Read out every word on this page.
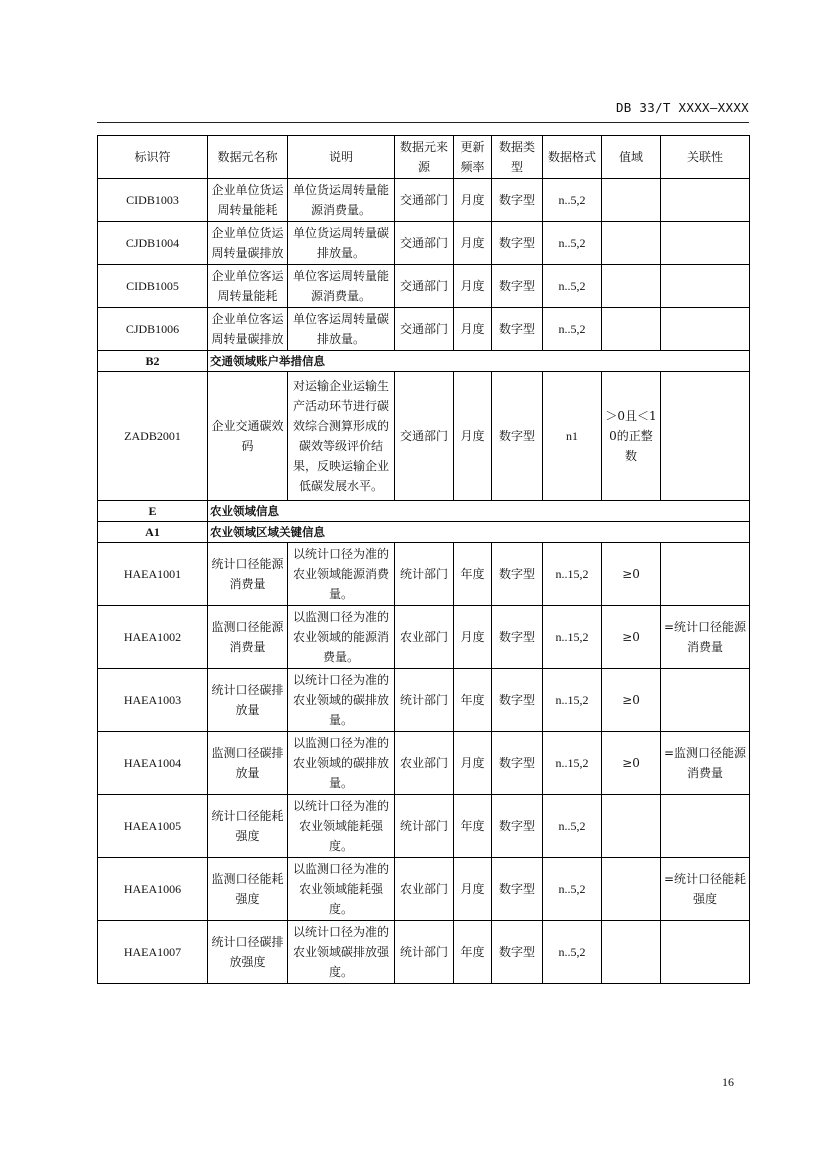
DB 33/T XXXX—XXXX
标识符	数据元名称	说明	数据元来源	更新频率	数据类型	数据格式	值域	关联性
CIDB1003	企业单位货运周转量能耗	单位货运周转量能源消费量。	交通部门	月度	数字型	n..5,2		
CJDB1004	企业单位货运周转量碳排放	单位货运周转量碳排放量。	交通部门	月度	数字型	n..5,2		
CIDB1005	企业单位客运周转量能耗	单位客运周转量能源消费量。	交通部门	月度	数字型	n..5,2		
CJDB1006	企业单位客运周转量碳排放	单位客运周转量碳排放量。	交通部门	月度	数字型	n..5,2		
B2	交通领域账户举措信息							
ZADB2001	企业交通碳效码	对运输企业运输生产活动环节进行碳效综合测算形成的碳效等级评价结果，反映运输企业低碳发展水平。	交通部门	月度	数字型	n1	＞0且＜10的正整数	
E	农业领域信息							
A1	农业领域区域关键信息							
HAEA1001	统计口径能源消费量	以统计口径为准的农业领域能源消费量。	统计部门	年度	数字型	n..15,2	≥0	
HAEA1002	监测口径能源消费量	以监测口径为准的农业领域的能源消费量。	农业部门	月度	数字型	n..15,2	≥0	=统计口径能源消费量
HAEA1003	统计口径碳排放量	以统计口径为准的农业领域的碳排放量。	统计部门	年度	数字型	n..15,2	≥0	
HAEA1004	监测口径碳排放量	以监测口径为准的农业领域的碳排放量。	农业部门	月度	数字型	n..15,2	≥0	=监测口径能源消费量
HAEA1005	统计口径能耗强度	以统计口径为准的农业领域能耗强度。	统计部门	年度	数字型	n..5,2		
HAEA1006	监测口径能耗强度	以监测口径为准的农业领域能耗强度。	农业部门	月度	数字型	n..5,2		=统计口径能耗强度
HAEA1007	统计口径碳排放强度	以统计口径为准的农业领域碳排放强度。	统计部门	年度	数字型	n..5,2		
16
